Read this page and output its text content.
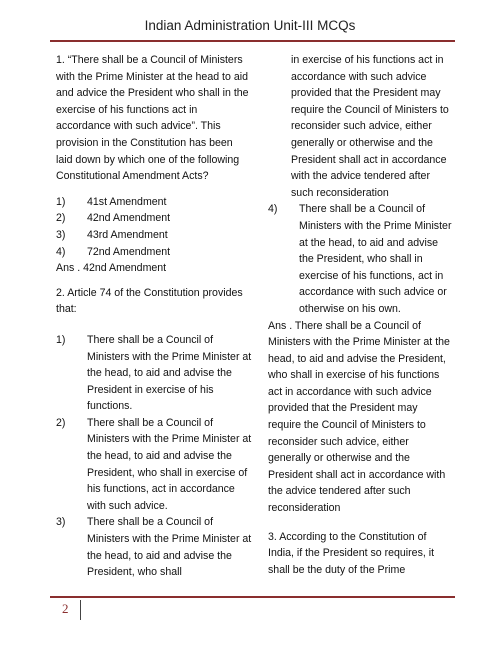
Indian Administration Unit-III MCQs

1. “There shall be a Council of Ministers with the Prime Minister at the head to aid and advice the President who shall in the exercise of his functions act in accordance with such advice”. This provision in the Constitution has been laid down by which one of the following Constitutional Amendment Acts?

1) 41st Amendment
2) 42nd Amendment
3) 43rd Amendment
4) 72nd Amendment

Ans . 42nd Amendment

2. Article 74 of the Constitution provides that:

1) There shall be a Council of Ministers with the Prime Minister at the head, to aid and advise the President in exercise of his functions.
2) There shall be a Council of Ministers with the Prime Minister at the head, to aid and advise the President, who shall in exercise of his functions, act in accordance with such advice.
3) There shall be a Council of Ministers with the Prime Minister at the head, to aid and advise the President, who shall

in exercise of his functions act in accordance with such advice provided that the President may require the Council of Ministers to reconsider such advice, either generally or otherwise and the President shall act in accordance with the advice tendered after such reconsideration

4) There shall be a Council of Ministers with the Prime Minister at the head, to aid and advise the President, who shall in exercise of his functions, act in accordance with such advice or otherwise on his own.

Ans . There shall be a Council of Ministers with the Prime Minister at the head, to aid and advise the President, who shall in exercise of his functions act in accordance with such advice provided that the President may require the Council of Ministers to reconsider such advice, either generally or otherwise and the President shall act in accordance with the advice tendered after such reconsideration

3. According to the Constitution of India, if the President so requires, it shall be the duty of the Prime

2
